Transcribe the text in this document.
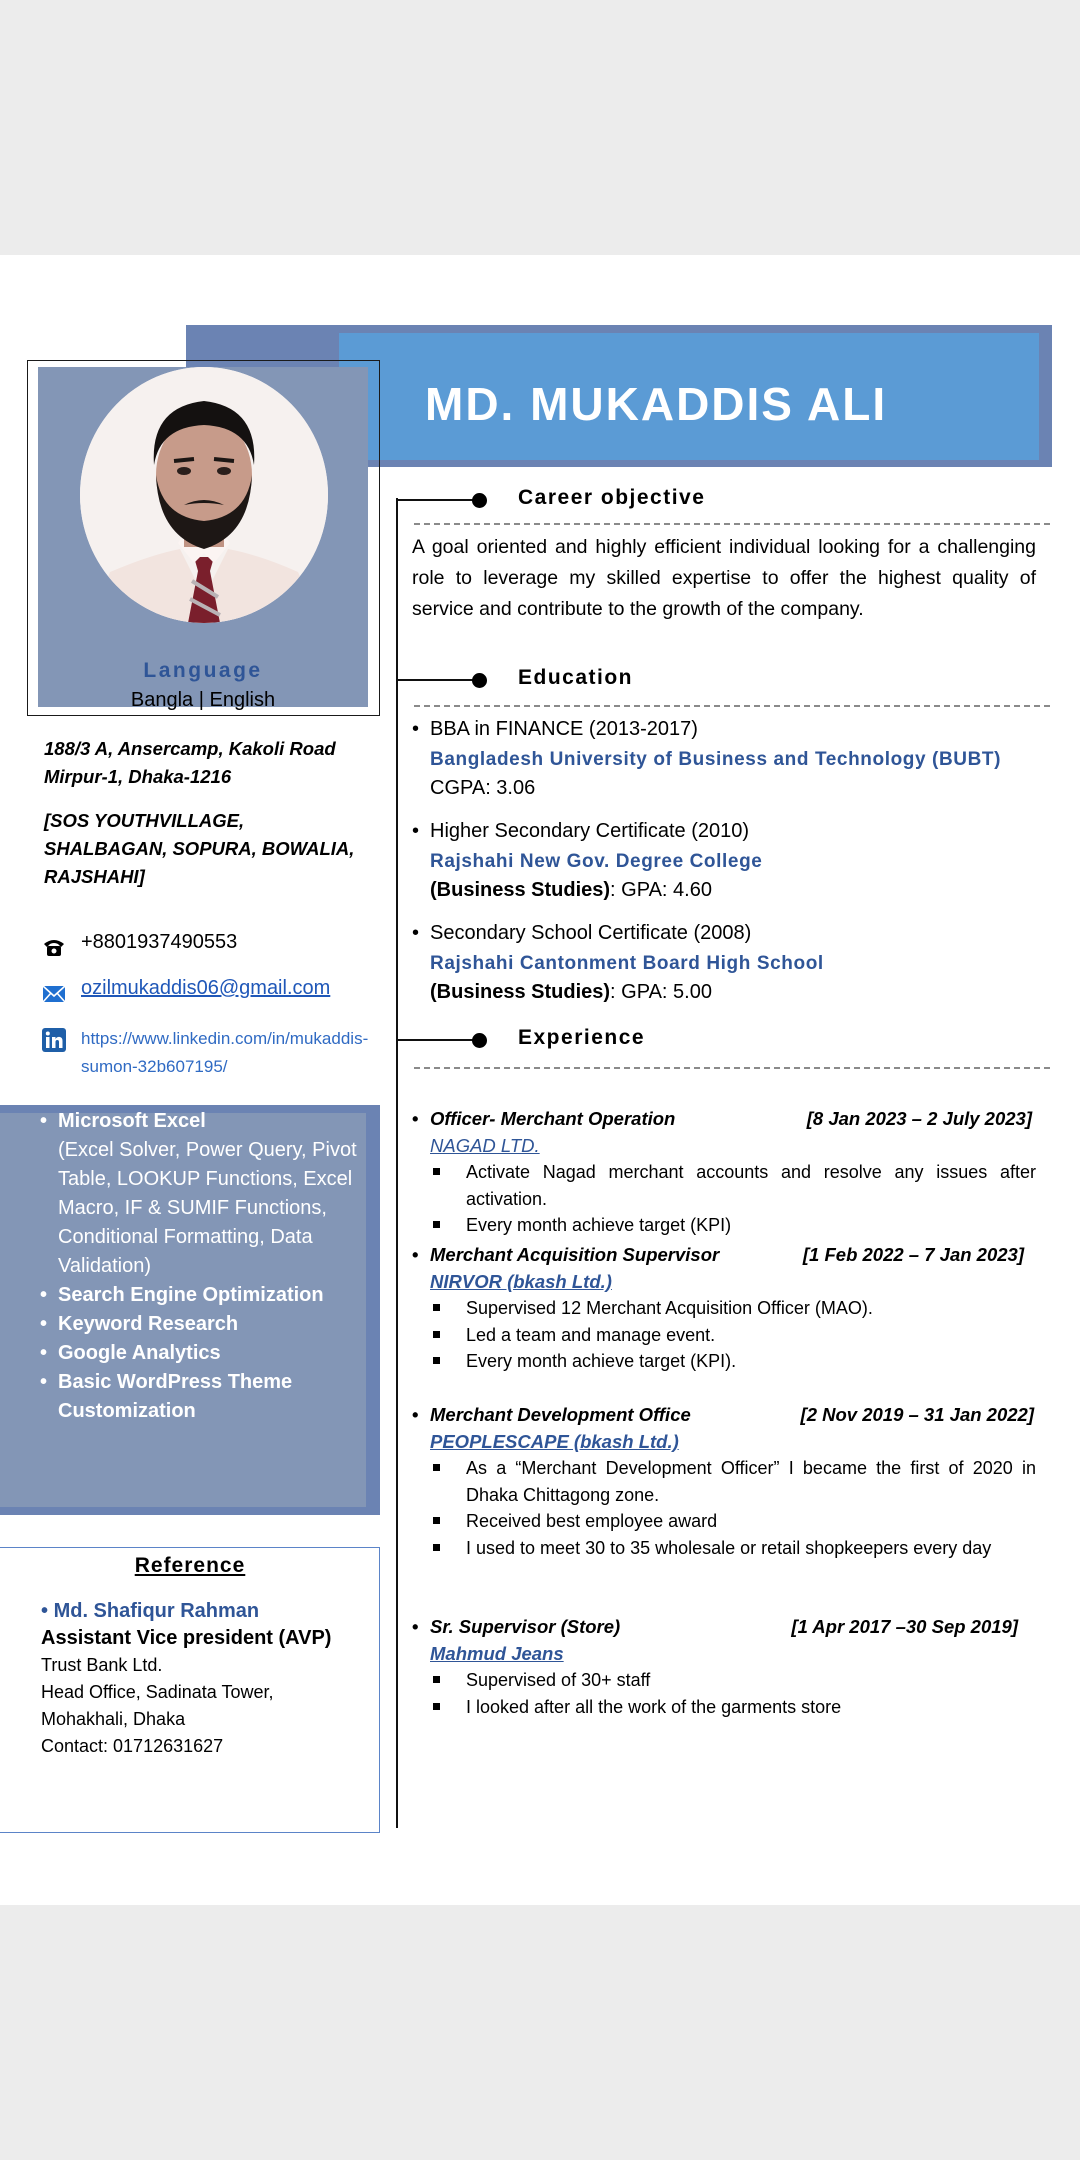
MD. MUKADDIS ALI
Language
Bangla | English
188/3 A, Ansercamp, Kakoli Road
Mirpur-1, Dhaka-1216
[SOS YOUTHVILLAGE,
SHALBAGAN, SOPURA, BOWALIA,
RAJSHAHI]
+8801937490553
ozilmukaddis06@gmail.com
https://www.linkedin.com/in/mukaddis-sumon-32b607195/
• Microsoft Excel
(Excel Solver, Power Query, Pivot Table, LOOKUP Functions, Excel Macro, IF & SUMIF Functions, Conditional Formatting, Data Validation)
• Search Engine Optimization
• Keyword Research
• Google Analytics
• Basic WordPress Theme Customization
Reference
• Md. Shafiqur Rahman
Assistant Vice president (AVP)
Trust Bank Ltd.
Head Office, Sadinata Tower,
Mohakhali, Dhaka
Contact: 01712631627
Career objective
A goal oriented and highly efficient individual looking for a challenging role to leverage my skilled expertise to offer the highest quality of service and contribute to the growth of the company.
Education
• BBA in FINANCE (2013-2017)
Bangladesh University of Business and Technology (BUBT)
CGPA: 3.06
• Higher Secondary Certificate (2010)
Rajshahi New Gov. Degree College
(Business Studies): GPA: 4.60
• Secondary School Certificate (2008)
Rajshahi Cantonment Board High School
(Business Studies): GPA: 5.00
Experience
• Officer- Merchant Operation	[8 Jan 2023 – 2 July 2023]
NAGAD LTD.
Activate Nagad merchant accounts and resolve any issues after activation.
Every month achieve target (KPI)
• Merchant Acquisition Supervisor	[1 Feb 2022 – 7 Jan 2023]
NIRVOR (bkash Ltd.)
Supervised 12 Merchant Acquisition Officer (MAO).
Led a team and manage event.
Every month achieve target (KPI).
• Merchant Development Office	[2 Nov 2019 – 31 Jan 2022]
PEOPLESCAPE (bkash Ltd.)
As a “Merchant Development Officer” I became the first of 2020 in Dhaka Chittagong zone.
Received best employee award
I used to meet 30 to 35 wholesale or retail shopkeepers every day
• Sr. Supervisor (Store)	[1 Apr 2017 –30 Sep 2019]
Mahmud Jeans
Supervised of 30+ staff
I looked after all the work of the garments store
